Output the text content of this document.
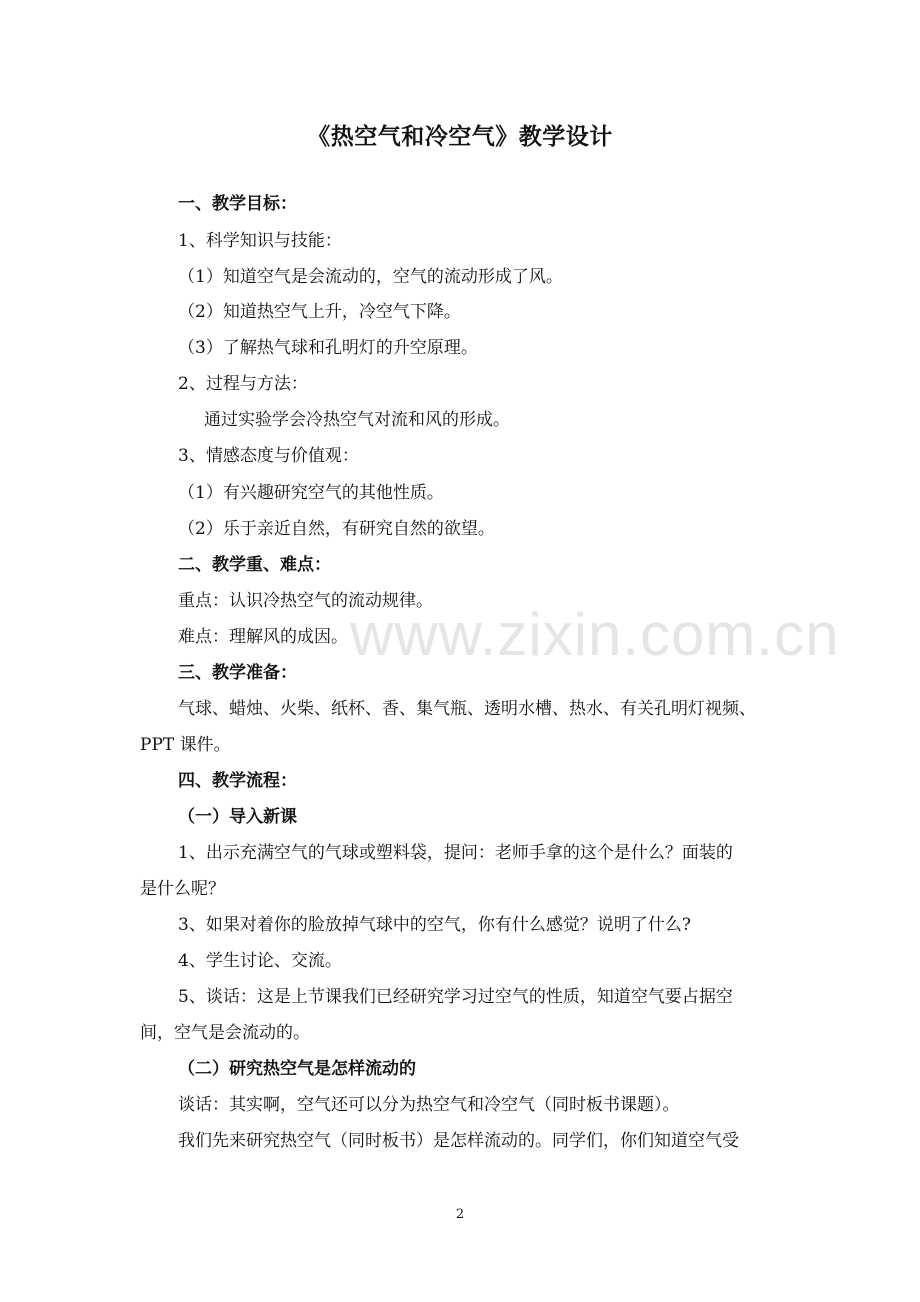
《热空气和冷空气》教学设计
一、教学目标：
1、科学知识与技能：
（1）知道空气是会流动的，空气的流动形成了风。
（2）知道热空气上升，冷空气下降。
（3）了解热气球和孔明灯的升空原理。
2、过程与方法：
通过实验学会冷热空气对流和风的形成。
3、情感态度与价值观：
（1）有兴趣研究空气的其他性质。
（2）乐于亲近自然，有研究自然的欲望。
二、教学重、难点：
重点：认识冷热空气的流动规律。
难点：理解风的成因。
三、教学准备：
气球、蜡烛、火柴、纸杯、香、集气瓶、透明水槽、热水、有关孔明灯视频、
PPT 课件。
四、教学流程：
（一）导入新课
1、出示充满空气的气球或塑料袋，提问：老师手拿的这个是什么？面装的
是什么呢？
3、如果对着你的脸放掉气球中的空气，你有什么感觉？说明了什么?
4、学生讨论、交流。
5、谈话：这是上节课我们已经研究学习过空气的性质，知道空气要占据空
间，空气是会流动的。
（二）研究热空气是怎样流动的
谈话：其实啊，空气还可以分为热空气和冷空气（同时板书课题）。
我们先来研究热空气（同时板书）是怎样流动的。同学们，你们知道空气受
www.zixin.com.cn
2
